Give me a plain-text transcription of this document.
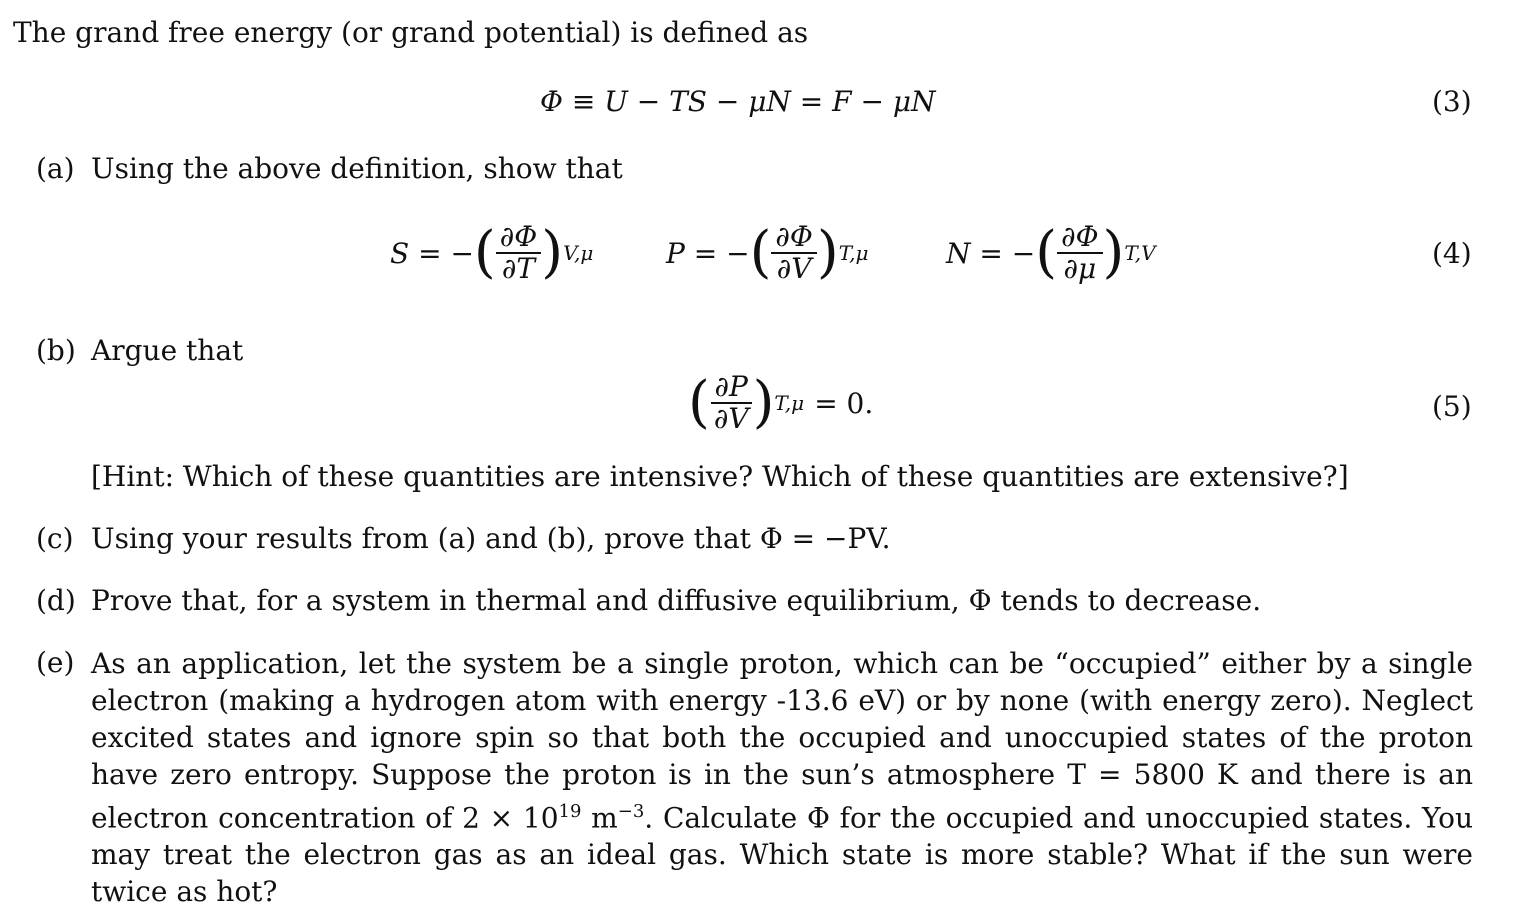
The grand free energy (or grand potential) is defined as
Φ ≡ U − TS − μN = F − μN	(3)
(a) Using the above definition, show that
S = − ( $\frac{\partial\Phi}{\partial T}$ ) V,μ	P = − ( $\frac{\partial\Phi}{\partial V}$ ) T,μ	N = − ( $\frac{\partial\Phi}{\partial\mu}$ ) T,V	(4)
(b) Argue that
( $\frac{\partial P}{\partial V}$ ) T,μ = 0.	(5)
[Hint: Which of these quantities are intensive? Which of these quantities are extensive?]
(c) Using your results from (a) and (b), prove that Φ = −PV.
(d) Prove that, for a system in thermal and diffusive equilibrium, Φ tends to decrease.
(e) As an application, let the system be a single proton, which can be “occupied” either by a single electron (making a hydrogen atom with energy -13.6 eV) or by none (with energy zero). Neglect excited states and ignore spin so that both the occupied and unoccupied states of the proton have zero entropy. Suppose the proton is in the sun’s atmosphere T = 5800 K and there is an electron concentration of $2 \times 10^{19}$ $m^{-3}$. Calculate Φ for the occupied and unoccupied states. You may treat the electron gas as an ideal gas. Which state is more stable? What if the sun were twice as hot?
